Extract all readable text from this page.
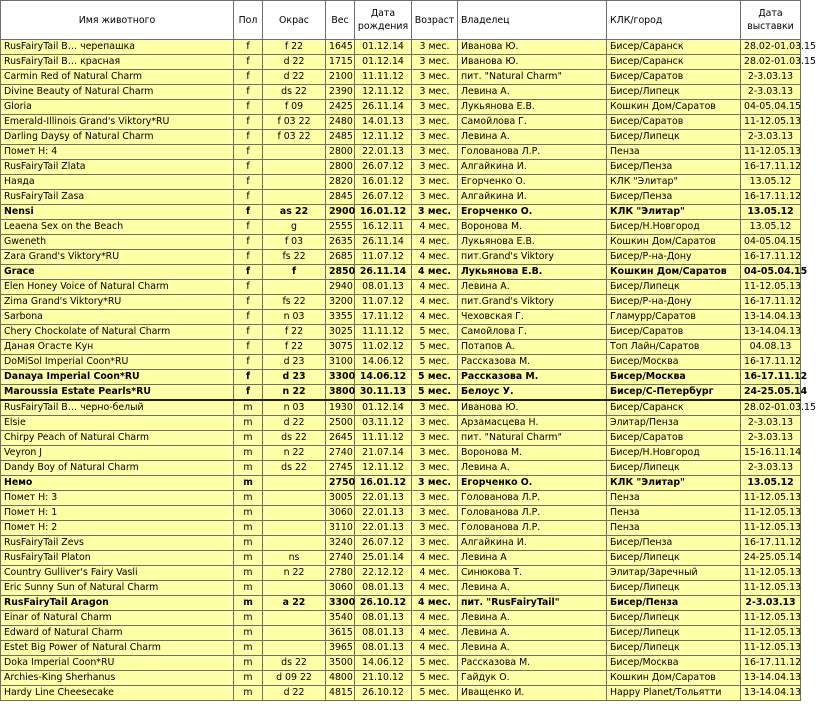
Имя животного	Пол	Окрас	Вес	Дата рождения	Возраст	Владелец	КЛК/город	Дата выставки
RusFairyTail В… черепашка	f	f 22	1645	01.12.14	3 мес.	Иванова Ю.	Бисер/Саранск	28.02-01.03.15
RusFairyTail В… красная	f	d 22	1715	01.12.14	3 мес.	Иванова Ю.	Бисер/Саранск	28.02-01.03.15
Carmin Red of Natural Charm	f	d 22	2100	11.11.12	3 мес.	пит. "Natural Charm"	Бисер/Саратов	2-3.03.13
Divine Beauty of Natural Charm	f	ds 22	2390	12.11.12	3 мес.	Левина А.	Бисер/Липецк	2-3.03.13
Gloria	f	f 09	2425	26.11.14	3 мес.	Лукьянова Е.В.	Кошкин Дом/Саратов	04-05.04.15
Emerald-Illinois Grand's Viktory*RU	f	f 03 22	2480	14.01.13	3 мес.	Самойлова Г.	Бисер/Саратов	11-12.05.13
Darling Daysy of Natural Charm	f	f 03 22	2485	12.11.12	3 мес.	Левина А.	Бисер/Липецк	2-3.03.13
Помет Н: 4	f		2800	22.01.13	3 мес.	Голованова Л.Р.	Пенза	11-12.05.13
RusFairyTail Zlata	f		2800	26.07.12	3 мес.	Алгайкина И.	Бисер/Пенза	16-17.11.12
Наяда	f		2820	16.01.12	3 мес.	Егорченко О.	КЛК "Элитар"	13.05.12
RusFairyTail Zasa	f		2845	26.07.12	3 мес.	Алгайкина И.	Бисер/Пенза	16-17.11.12
Nensi	f	as 22	2900	16.01.12	3 мес.	Егорченко О.	КЛК "Элитар"	13.05.12
Leaena Sex on the Beach	f	g	2555	16.12.11	4 мес.	Воронова М.	Бисер/Н.Новгород	13.05.12
Gweneth	f	f 03	2635	26.11.14	4 мес.	Лукьянова Е.В.	Кошкин Дом/Саратов	04-05.04.15
Zara Grand's Viktory*RU	f	fs 22	2685	11.07.12	4 мес.	пит.Grand's Viktory	Бисер/Р-на-Дону	16-17.11.12
Grace	f	f	2850	26.11.14	4 мес.	Лукьянова Е.В.	Кошкин Дом/Саратов	04-05.04.15
Elen Honey Voice of Natural Charm	f		2940	08.01.13	4 мес.	Левина А.	Бисер/Липецк	11-12.05.13
Zima Grand's Viktory*RU	f	fs 22	3200	11.07.12	4 мес.	пит.Grand's Viktory	Бисер/Р-на-Дону	16-17.11.12
Sarbona	f	n 03	3355	17.11.12	4 мес.	Чеховская Г.	Гламурр/Саратов	13-14.04.13
Chery Chockolate of Natural Charm	f	f 22	3025	11.11.12	5 мес.	Самойлова Г.	Бисер/Саратов	13-14.04.13
Даная Огасте Кун	f	f 22	3075	11.02.12	5 мес.	Потапов А.	Топ Лайн/Саратов	04.08.13
DoMiSol Imperial Coon*RU	f	d 23	3100	14.06.12	5 мес.	Рассказова М.	Бисер/Москва	16-17.11.12
Danaya Imperial Coon*RU	f	d 23	3300	14.06.12	5 мес.	Рассказова М.	Бисер/Москва	16-17.11.12
Maroussia Estate Pearls*RU	f	n 22	3800	30.11.13	5 мес.	Белоус У.	Бисер/С-Петербург	24-25.05.14
RusFairyTail В… черно-белый	m	n 03	1930	01.12.14	3 мес.	Иванова Ю.	Бисер/Саранск	28.02-01.03.15
Elsie	m	d 22	2500	03.11.12	3 мес.	Арзамасцева Н.	Элитар/Пенза	2-3.03.13
Chirpy Peach of Natural Charm	m	ds 22	2645	11.11.12	3 мес.	пит. "Natural Charm"	Бисер/Саратов	2-3.03.13
Veyron J	m	n 22	2740	21.07.14	3 мес.	Воронова М.	Бисер/Н.Новгород	15-16.11.14
Dandy Boy of Natural Charm	m	ds 22	2745	12.11.12	3 мес.	Левина А.	Бисер/Липецк	2-3.03.13
Немо	m		2750	16.01.12	3 мес.	Егорченко О.	КЛК "Элитар"	13.05.12
Помет Н: 3	m		3005	22.01.13	3 мес.	Голованова Л.Р.	Пенза	11-12.05.13
Помет Н: 1	m		3060	22.01.13	3 мес.	Голованова Л.Р.	Пенза	11-12.05.13
Помет Н: 2	m		3110	22.01.13	3 мес.	Голованова Л.Р.	Пенза	11-12.05.13
RusFairyTail Zevs	m		3240	26.07.12	3 мес.	Алгайкина И.	Бисер/Пенза	16-17.11.12
RusFairyTail Platon	m	ns	2740	25.01.14	4 мес.	Левина А	Бисер/Липецк	24-25.05.14
Country Gulliver's Fairy Vasli	m	n 22	2780	22.12.12	4 мес.	Синюкова Т.	Элитар/Заречный	11-12.05.13
Eric Sunny Sun of Natural Charm	m		3060	08.01.13	4 мес.	Левина А.	Бисер/Липецк	11-12.05.13
RusFairyTail Aragon	m	a 22	3300	26.10.12	4 мес.	пит. "RusFairyTail"	Бисер/Пенза	2-3.03.13
Einar of Natural Charm	m		3540	08.01.13	4 мес.	Левина А.	Бисер/Липецк	11-12.05.13
Edward of Natural Charm	m		3615	08.01.13	4 мес.	Левина А.	Бисер/Липецк	11-12.05.13
Estet Big Power of Natural Charm	m		3965	08.01.13	4 мес.	Левина А.	Бисер/Липецк	11-12.05.13
Doka Imperial Coon*RU	m	ds 22	3500	14.06.12	5 мес.	Рассказова М.	Бисер/Москва	16-17.11.12
Archies-King Sherhanus	m	d 09 22	4800	21.10.12	5 мес.	Гайдук О.	Кошкин Дом/Саратов	13-14.04.13
Hardy Line Cheesecake	m	d 22	4815	26.10.12	5 мес.	Иващенко И.	Happy Planet/Тольятти	13-14.04.13
